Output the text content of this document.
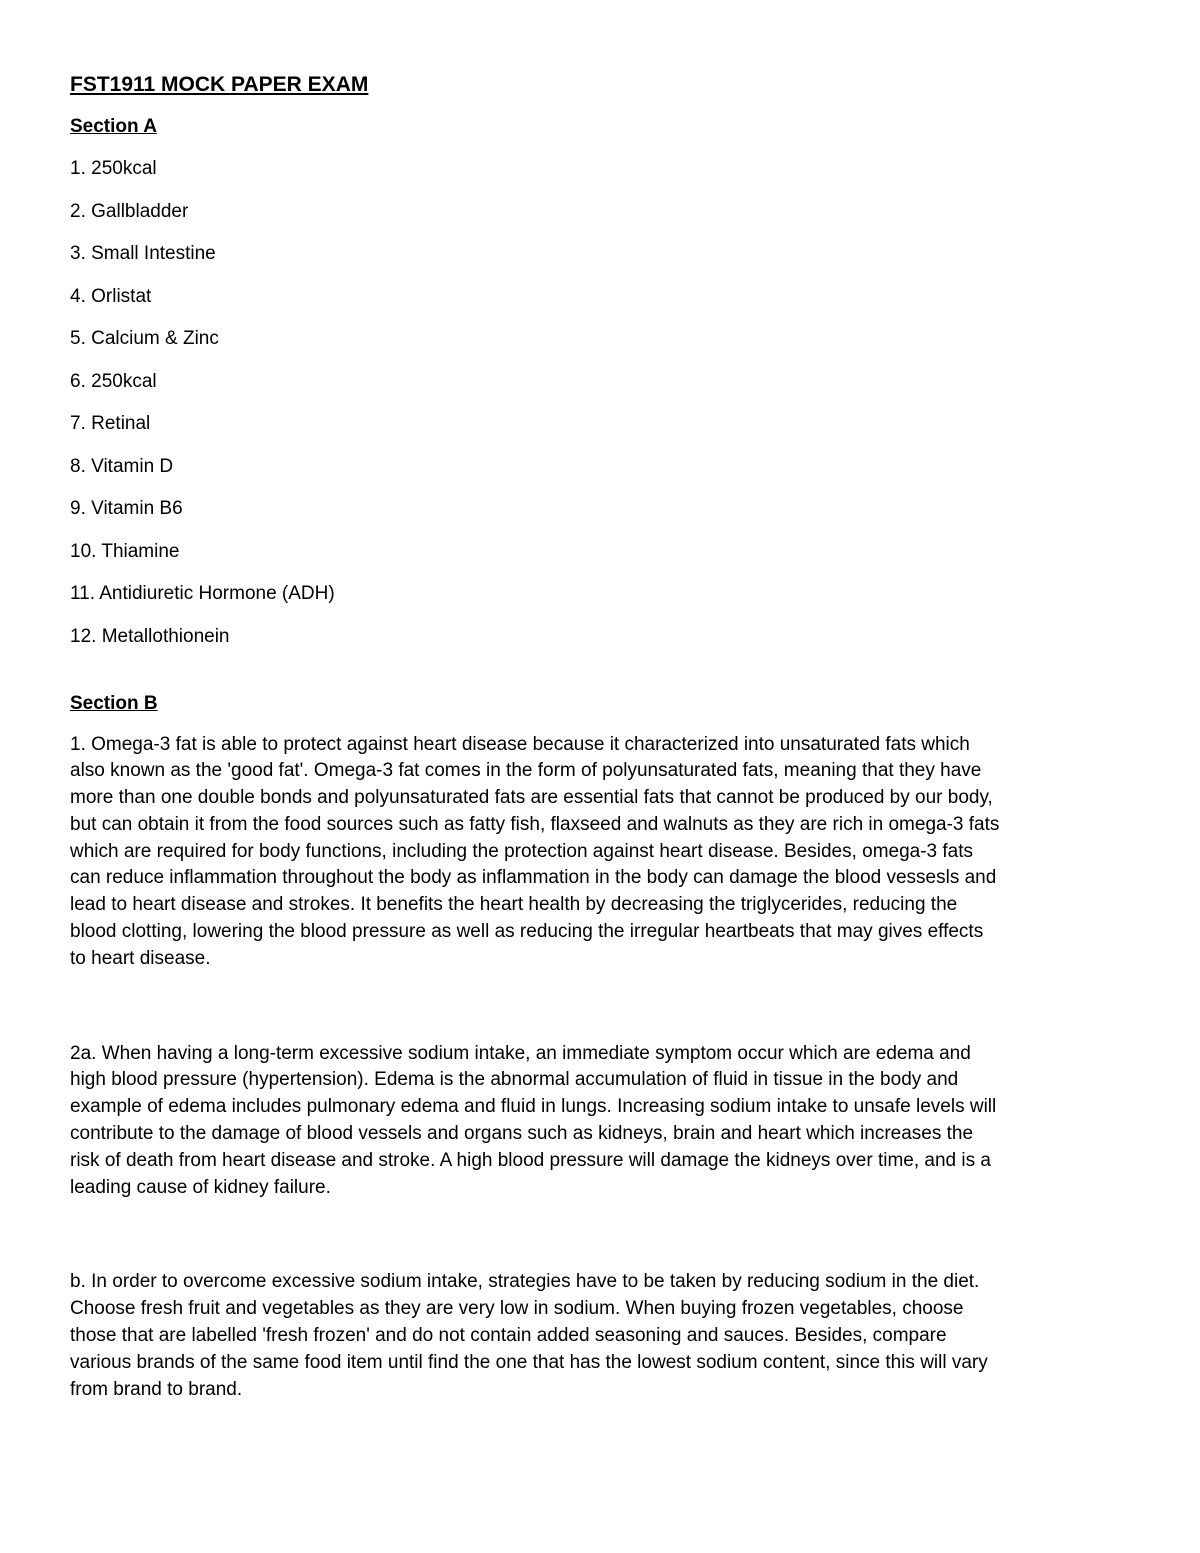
FST1911 MOCK PAPER EXAM
Section A
1. 250kcal
2. Gallbladder
3. Small Intestine
4. Orlistat
5. Calcium & Zinc
6. 250kcal
7. Retinal
8. Vitamin D
9. Vitamin B6
10. Thiamine
11. Antidiuretic Hormone (ADH)
12. Metallothionein
Section B

1. Omega-3 fat is able to protect against heart disease because it characterized into unsaturated fats which
also known as the 'good fat'. Omega-3 fat comes in the form of polyunsaturated fats, meaning that they have
more than one double bonds and polyunsaturated fats are essential fats that cannot be produced by our body,
but can obtain it from the food sources such as fatty fish, flaxseed and walnuts as they are rich in omega-3 fats
which are required for body functions, including the protection against heart disease. Besides, omega-3 fats
can reduce inflammation throughout the body as inflammation in the body can damage the blood vessesls and
lead to heart disease and strokes. It benefits the heart health by decreasing the triglycerides, reducing the
blood clotting, lowering the blood pressure as well as reducing the irregular heartbeats that may gives effects
to heart disease.

2a. When having a long-term excessive sodium intake, an immediate symptom occur which are edema and
high blood pressure (hypertension). Edema is the abnormal accumulation of fluid in tissue in the body and
example of edema includes pulmonary edema and fluid in lungs. Increasing sodium intake to unsafe levels will
contribute to the damage of blood vessels and organs such as kidneys, brain and heart which increases the
risk of death from heart disease and stroke. A high blood pressure will damage the kidneys over time, and is a
leading cause of kidney failure.

b. In order to overcome excessive sodium intake, strategies have to be taken by reducing sodium in the diet.
Choose fresh fruit and vegetables as they are very low in sodium. When buying frozen vegetables, choose
those that are labelled 'fresh frozen' and do not contain added seasoning and sauces. Besides, compare
various brands of the same food item until find the one that has the lowest sodium content, since this will vary
from brand to brand.
